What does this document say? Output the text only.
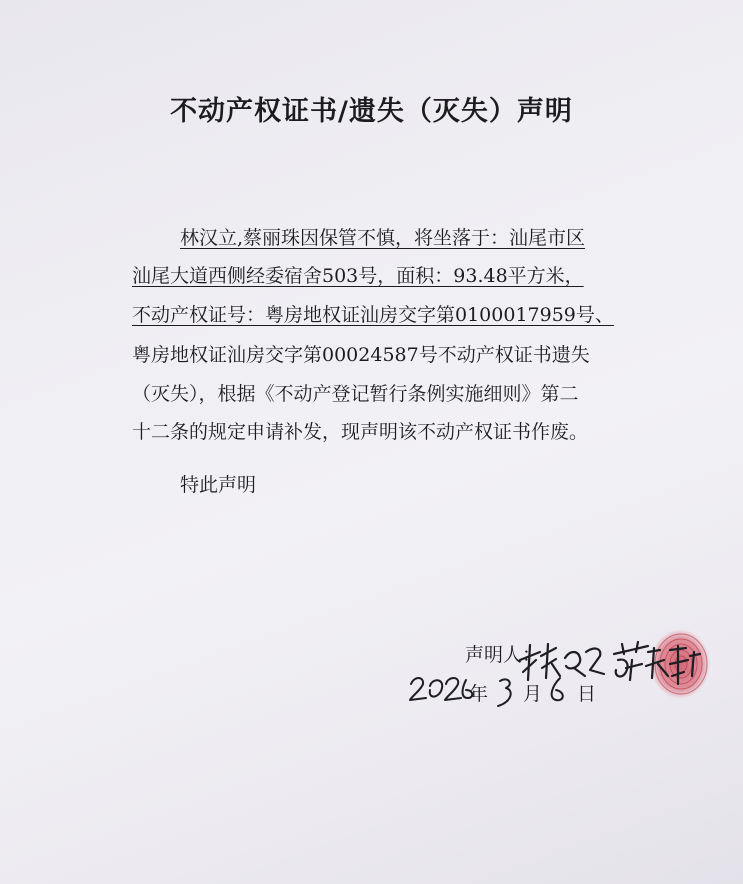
不动产权证书/遗失（灭失）声明
林汉立,蔡丽珠因保管不慎，将坐落于：汕尾市区
汕尾大道西侧经委宿舍503号，面积：93.48平方米，
不动产权证号：粤房地权证汕房交字第0100017959号、
粤房地权证汕房交字第00024587号不动产权证书遗失
（灭失），根据《不动产登记暂行条例实施细则》第二
十二条的规定申请补发，现声明该不动产权证书作废。
特此声明
声明人：
年 月 日
